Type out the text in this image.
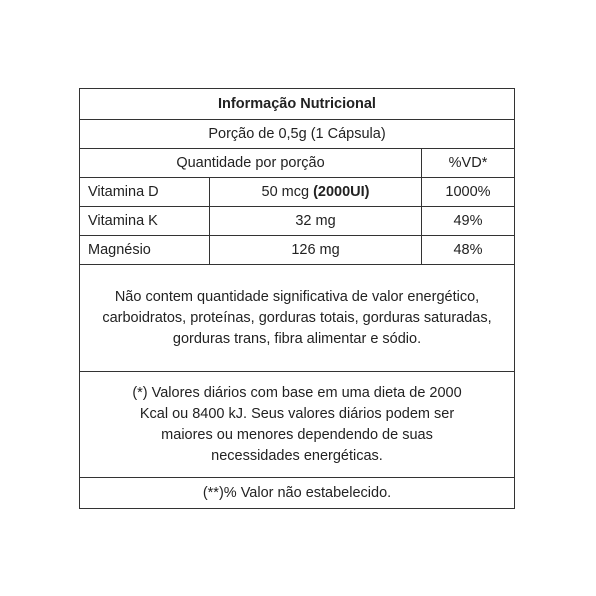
Informação Nutricional
Porção de 0,5g (1 Cápsula)
Quantidade por porção	%VD*
Vitamina D	50 mcg (2000UI)	1000%
Vitamina K	32 mg	49%
Magnésio	126 mg	48%
Não contem quantidade significativa de valor energético, carboidratos, proteínas, gorduras totais, gorduras saturadas, gorduras trans, fibra alimentar e sódio.
(*) Valores diários com base em uma dieta de 2000 Kcal ou 8400 kJ. Seus valores diários podem ser maiores ou menores dependendo de suas necessidades energéticas.
(**)% Valor não estabelecido.
